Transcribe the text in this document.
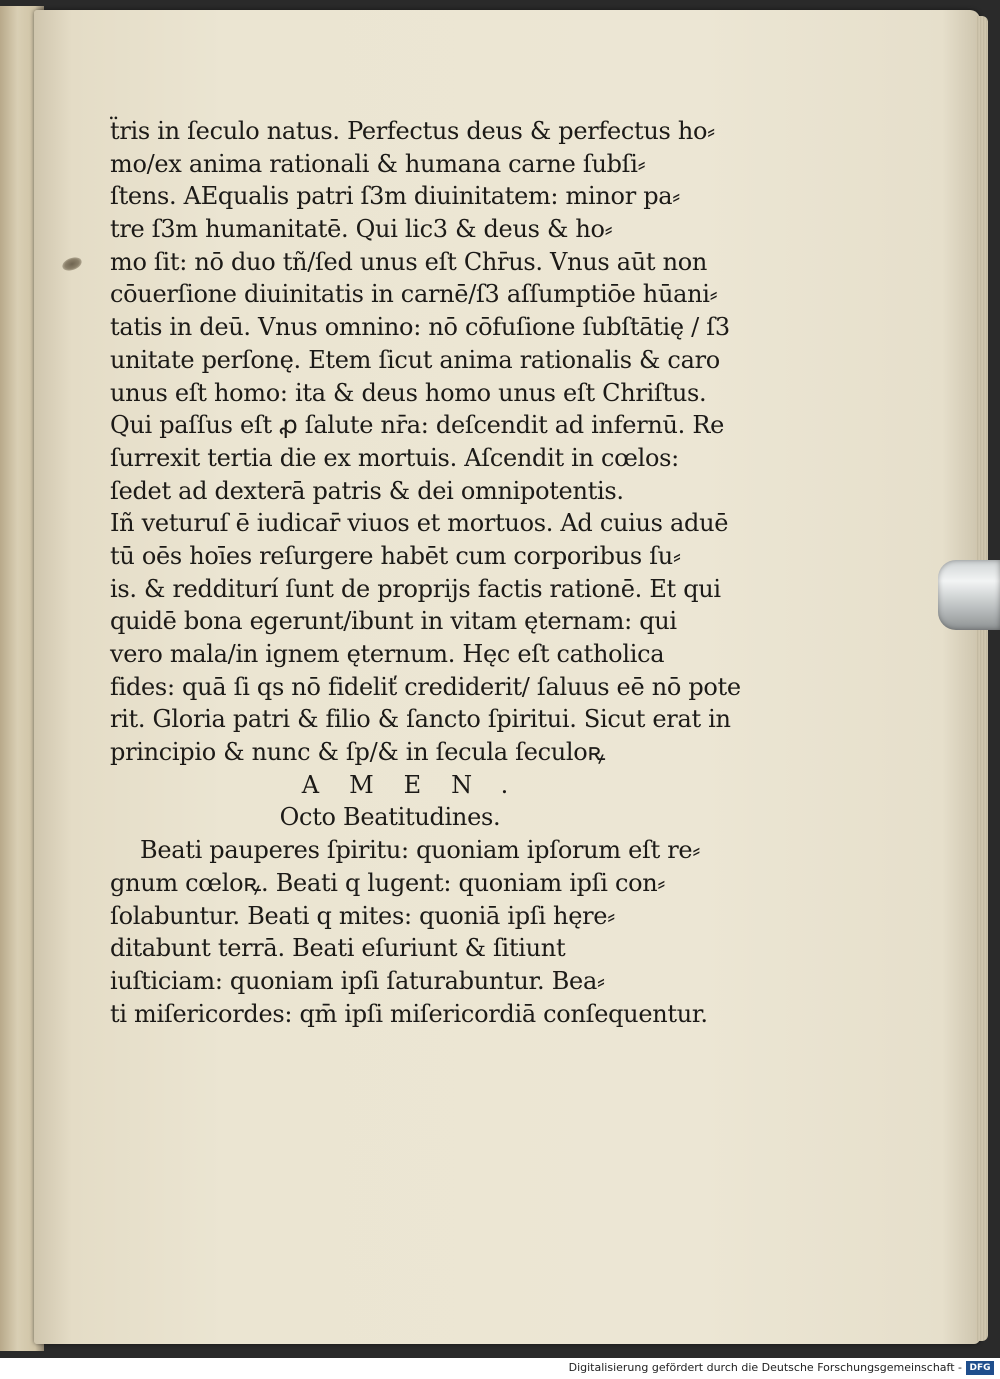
ẗris in ſeculo natus. Perfectus deus & perfectus ho⸗
mo/ex anima rationali & humana carne ſubſi⸗
ſtens. AEqualis patri ſ3m diuinitatem: minor pa⸗
tre ſ3m humanitatē. Qui lic3 & deus & ho⸗
mo ſit: nō duo tñ/ſed unus eſt Chr̄us. Vnus aūt non
cōuerſione diuinitatis in carnē/ſ3 aſſumptiōe hūani⸗
tatis in deū. Vnus omnino: nō cōfuſione ſubſtātię / ſ3
unitate perſonę. Etem ſicut anima rationalis & caro
unus eſt homo: ita & deus homo unus eſt Chriſtus.
Qui paſſus eſt ꝓ ſalute nr̄a: deſcendit ad infernū. Re
ſurrexit tertia die ex mortuis. Aſcendit in cœlos:
ſedet ad dexterā patris & dei omnipotentis.
Iñ veturuſ ē iudicar̄ viuos et mortuos. Ad cuius aduē
tū oēs hoīes reſurgere habēt cum corporibus ſu⸗
is. & redditurí ſunt de proprijs factis rationē. Et qui
quidē bona egerunt/ibunt in vitam ęternam: qui
vero mala/in ignem ęternum. Hęc eſt catholica
fides: quā ſi qs nō fideliť crediderit/ ſaluus eē nō pote
rit. Gloria patri & filio & ſancto ſpiritui. Sicut erat in
principio & nunc & ſp/& in ſecula ſeculoꝶ
AMEN.
Octo Beatitudines.
Beati pauperes ſpiritu: quoniam ipſorum eſt re⸗
gnum cœloꝶ. Beati q lugent: quoniam ipſi con⸗
ſolabuntur. Beati q mites: quoniā ipſi hęre⸗
ditabunt terrā. Beati eſuriunt & ſitiunt
iuſticiam: quoniam ipſi ſaturabuntur. Bea⸗
ti miſericordes: qm̄ ipſi miſericordiā conſequentur.
Digitalisierung gefördert durch die Deutsche Forschungsgemeinschaft - DFG
